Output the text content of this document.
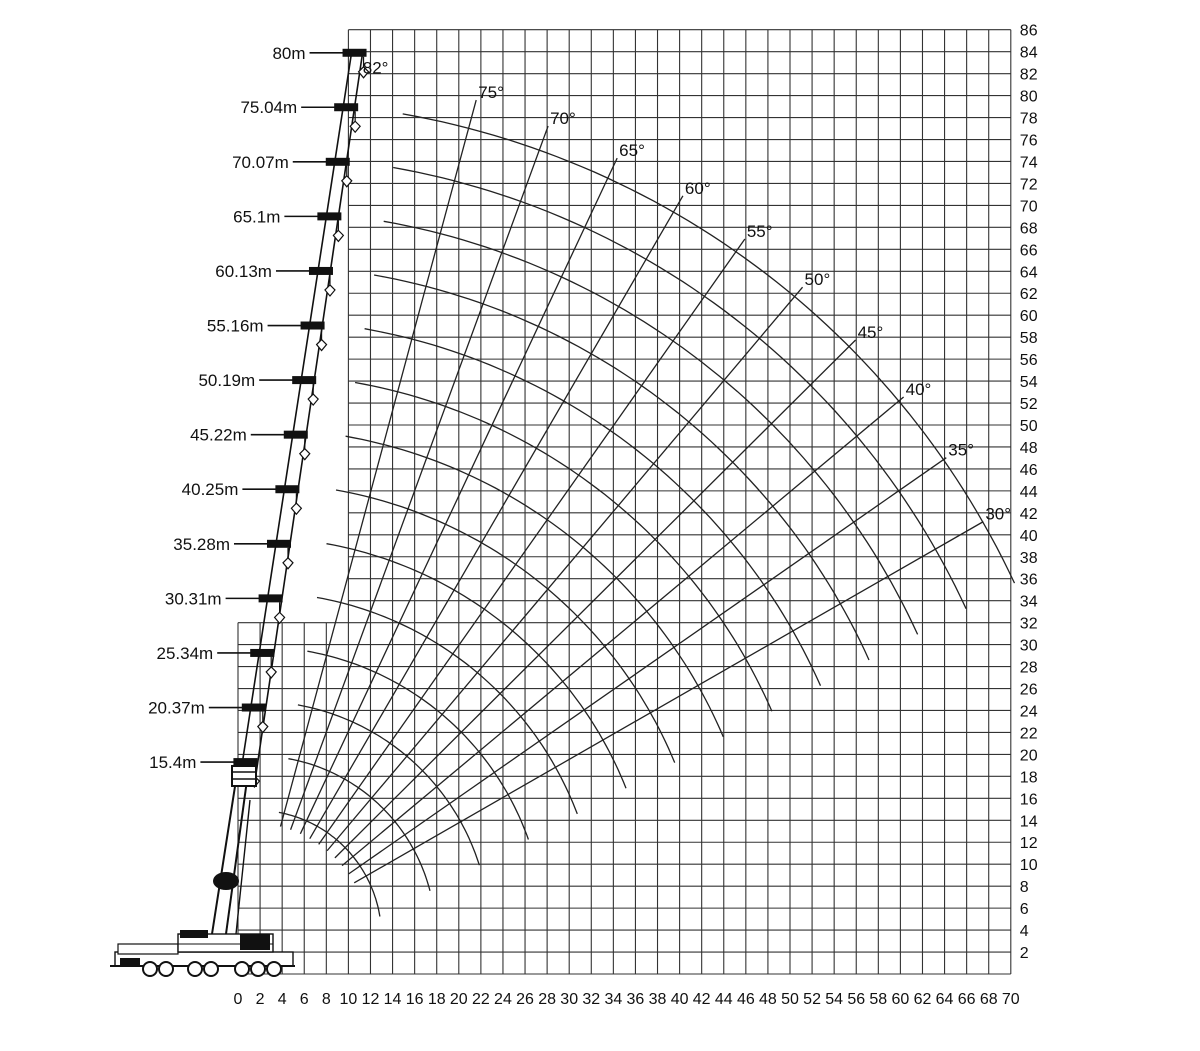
0 2 4 6 8 10 12 14 16 18 20 22 24 26 28 30 32 34 36 38 40 42 44 46 48 50 52 54 56 58 60 62 64 66 68 70
2
4
6
8
10
12
14
16
18
20
22
24
26
28
30
32
34
36
38
40
42
44
46
48
50
52
54
56
58
60
62
64
66
68
70
72
74
76
78
80
82
84
86
82°
75°
70°
65°
60°
55°
50°
45°
40°
35°
30°
15.4m
20.37m
25.34m
30.31m
35.28m
40.25m
45.22m
50.19m
55.16m
60.13m
65.1m
70.07m
75.04m
80m
